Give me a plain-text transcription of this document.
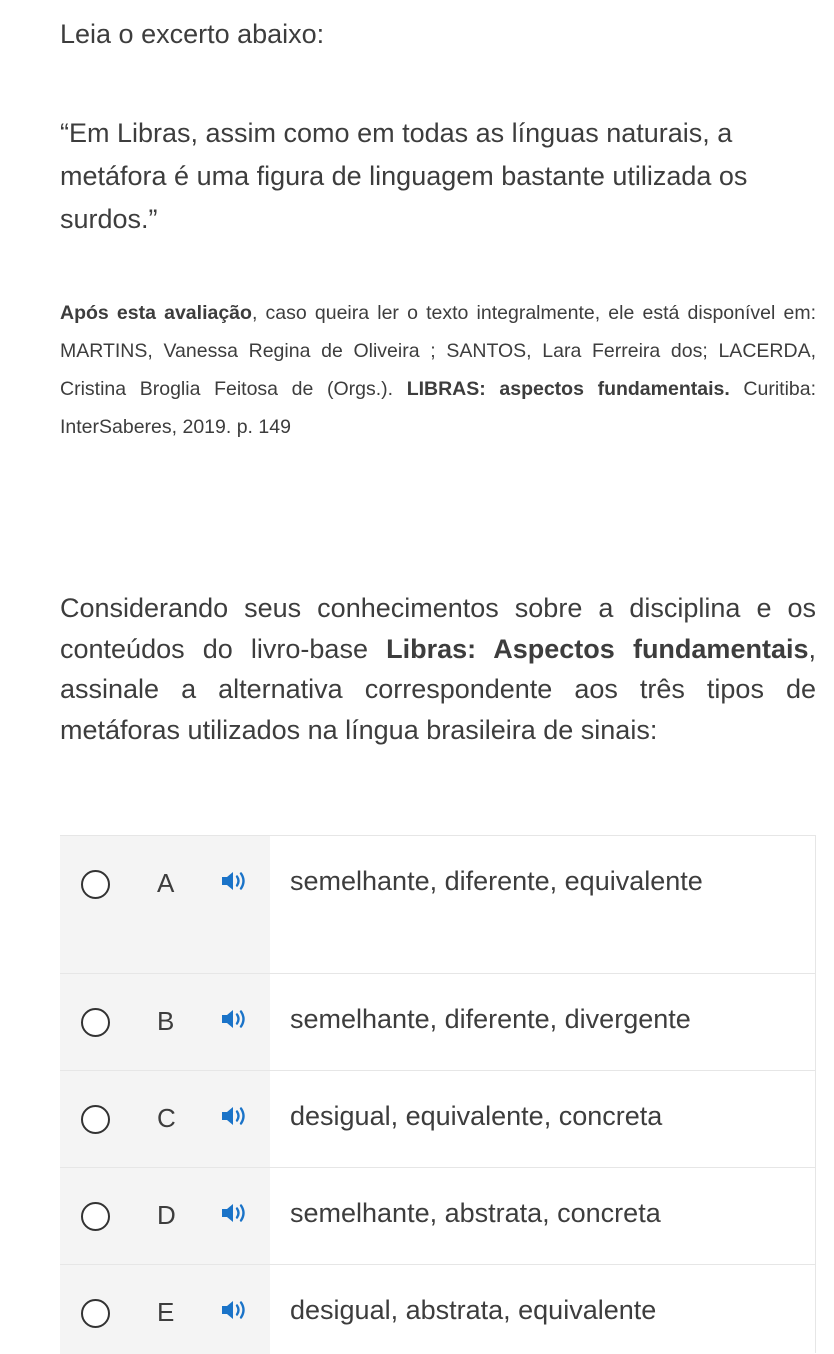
Leia o excerto abaixo:

“Em Libras, assim como em todas as línguas naturais, a metáfora é uma figura de linguagem bastante utilizada os surdos.”

Após esta avaliação, caso queira ler o texto integralmente, ele está disponível em: MARTINS, Vanessa Regina de Oliveira ; SANTOS, Lara Ferreira dos; LACERDA, Cristina Broglia Feitosa de (Orgs.). LIBRAS: aspectos fundamentais. Curitiba: InterSaberes, 2019. p. 149

Considerando seus conhecimentos sobre a disciplina e os conteúdos do livro-base Libras: Aspectos fundamentais, assinale a alternativa correspondente aos três tipos de metáforas utilizados na língua brasileira de sinais:

A	semelhante, diferente, equivalente
B	semelhante, diferente, divergente
C	desigual, equivalente, concreta
D	semelhante, abstrata, concreta
E	desigual, abstrata, equivalente
